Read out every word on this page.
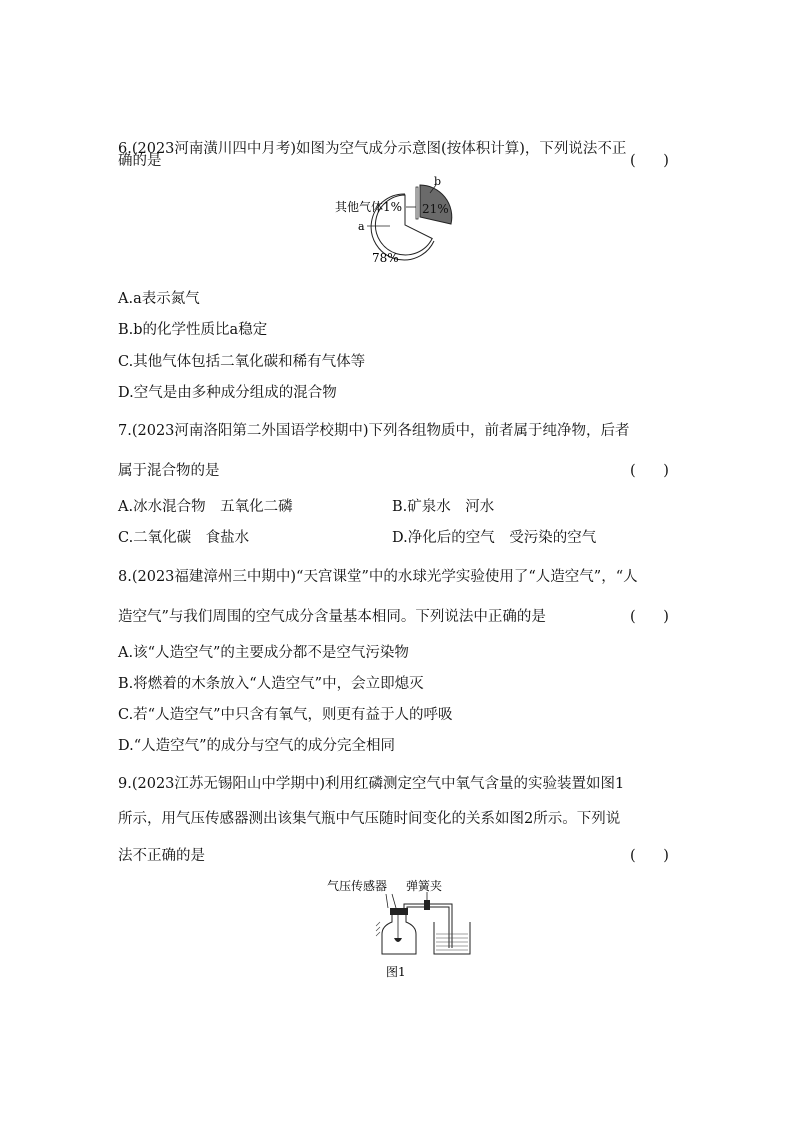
6.(2023河南潢川四中月考)如图为空气成分示意图(按体积计算)，下列说法不正
确的是	(      )
b
其他气体1%
a
21%
78%
A.a表示氮气
B.b的化学性质比a稳定
C.其他气体包括二氧化碳和稀有气体等
D.空气是由多种成分组成的混合物
7.(2023河南洛阳第二外国语学校期中)下列各组物质中，前者属于纯净物，后者
属于混合物的是	(      )
A.冰水混合物　五氧化二磷	B.矿泉水　河水
C.二氧化碳　食盐水	D.净化后的空气　受污染的空气
8.(2023福建漳州三中期中)“天宫课堂”中的水球光学实验使用了“人造空气”，“人
造空气”与我们周围的空气成分含量基本相同。下列说法中正确的是	(      )
A.该“人造空气”的主要成分都不是空气污染物
B.将燃着的木条放入“人造空气”中，会立即熄灭
C.若“人造空气”中只含有氧气，则更有益于人的呼吸
D.“人造空气”的成分与空气的成分完全相同
9.(2023江苏无锡阳山中学期中)利用红磷测定空气中氧气含量的实验装置如图1
所示，用气压传感器测出该集气瓶中气压随时间变化的关系如图2所示。下列说
法不正确的是	(      )
气压传感器 弹簧夹
图1
